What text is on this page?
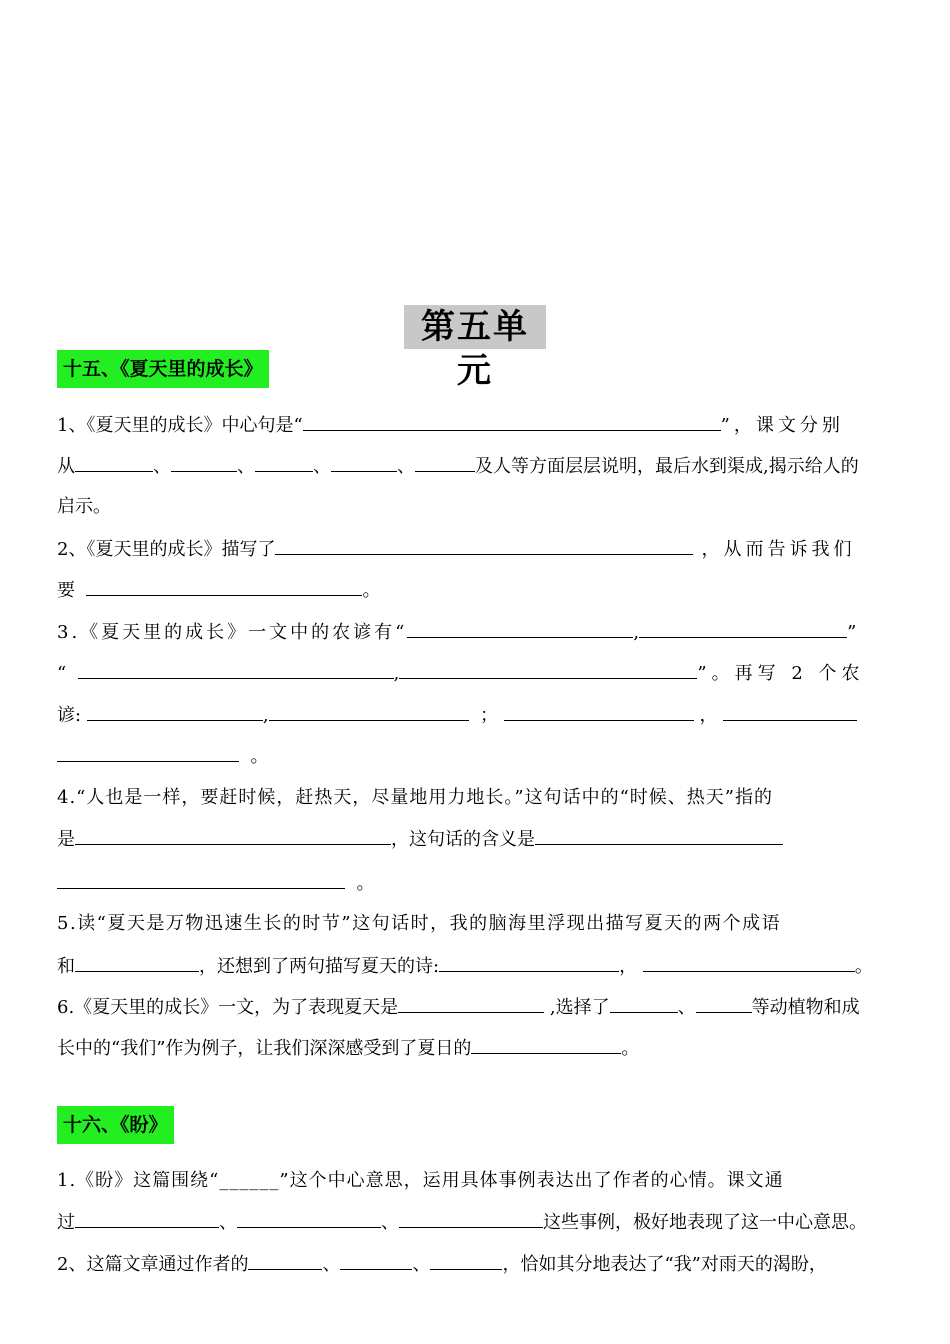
第五单元
十五、《夏天里的成长》
1、《夏天里的成长》中心句是“	”，课文分别
从	、	、	、	、	及人等方面层层说明，最后水到渠成,揭示给人的
启示。
2、《夏天里的成长》描写了	，从而告诉我们
要	。
3.《夏天里的成长》一文中的农谚有“	,	”
“	,	”。再写 2 个农
谚:	,	；	，
。
4.“人也是一样，要赶时候，赶热天，尽量地用力地长。”这句话中的“时候、热天”指的
是	，这句话的含义是
。
5.读“夏天是万物迅速生长的时节”这句话时，我的脑海里浮现出描写夏天的两个成语
和	，还想到了两句描写夏天的诗:	，	。
6.《夏天里的成长》一文，为了表现夏天是	,选择了	、	等动植物和成
长中的“我们”作为例子，让我们深深感受到了夏日的	。
十六、《盼》
1.《盼》这篇围绕“______”这个中心意思，运用具体事例表达出了作者的心情。课文通
过	、	、	这些事例，极好地表现了这一中心意思。
2、这篇文章通过作者的	、	、	，恰如其分地表达了“我”对雨天的渴盼，
